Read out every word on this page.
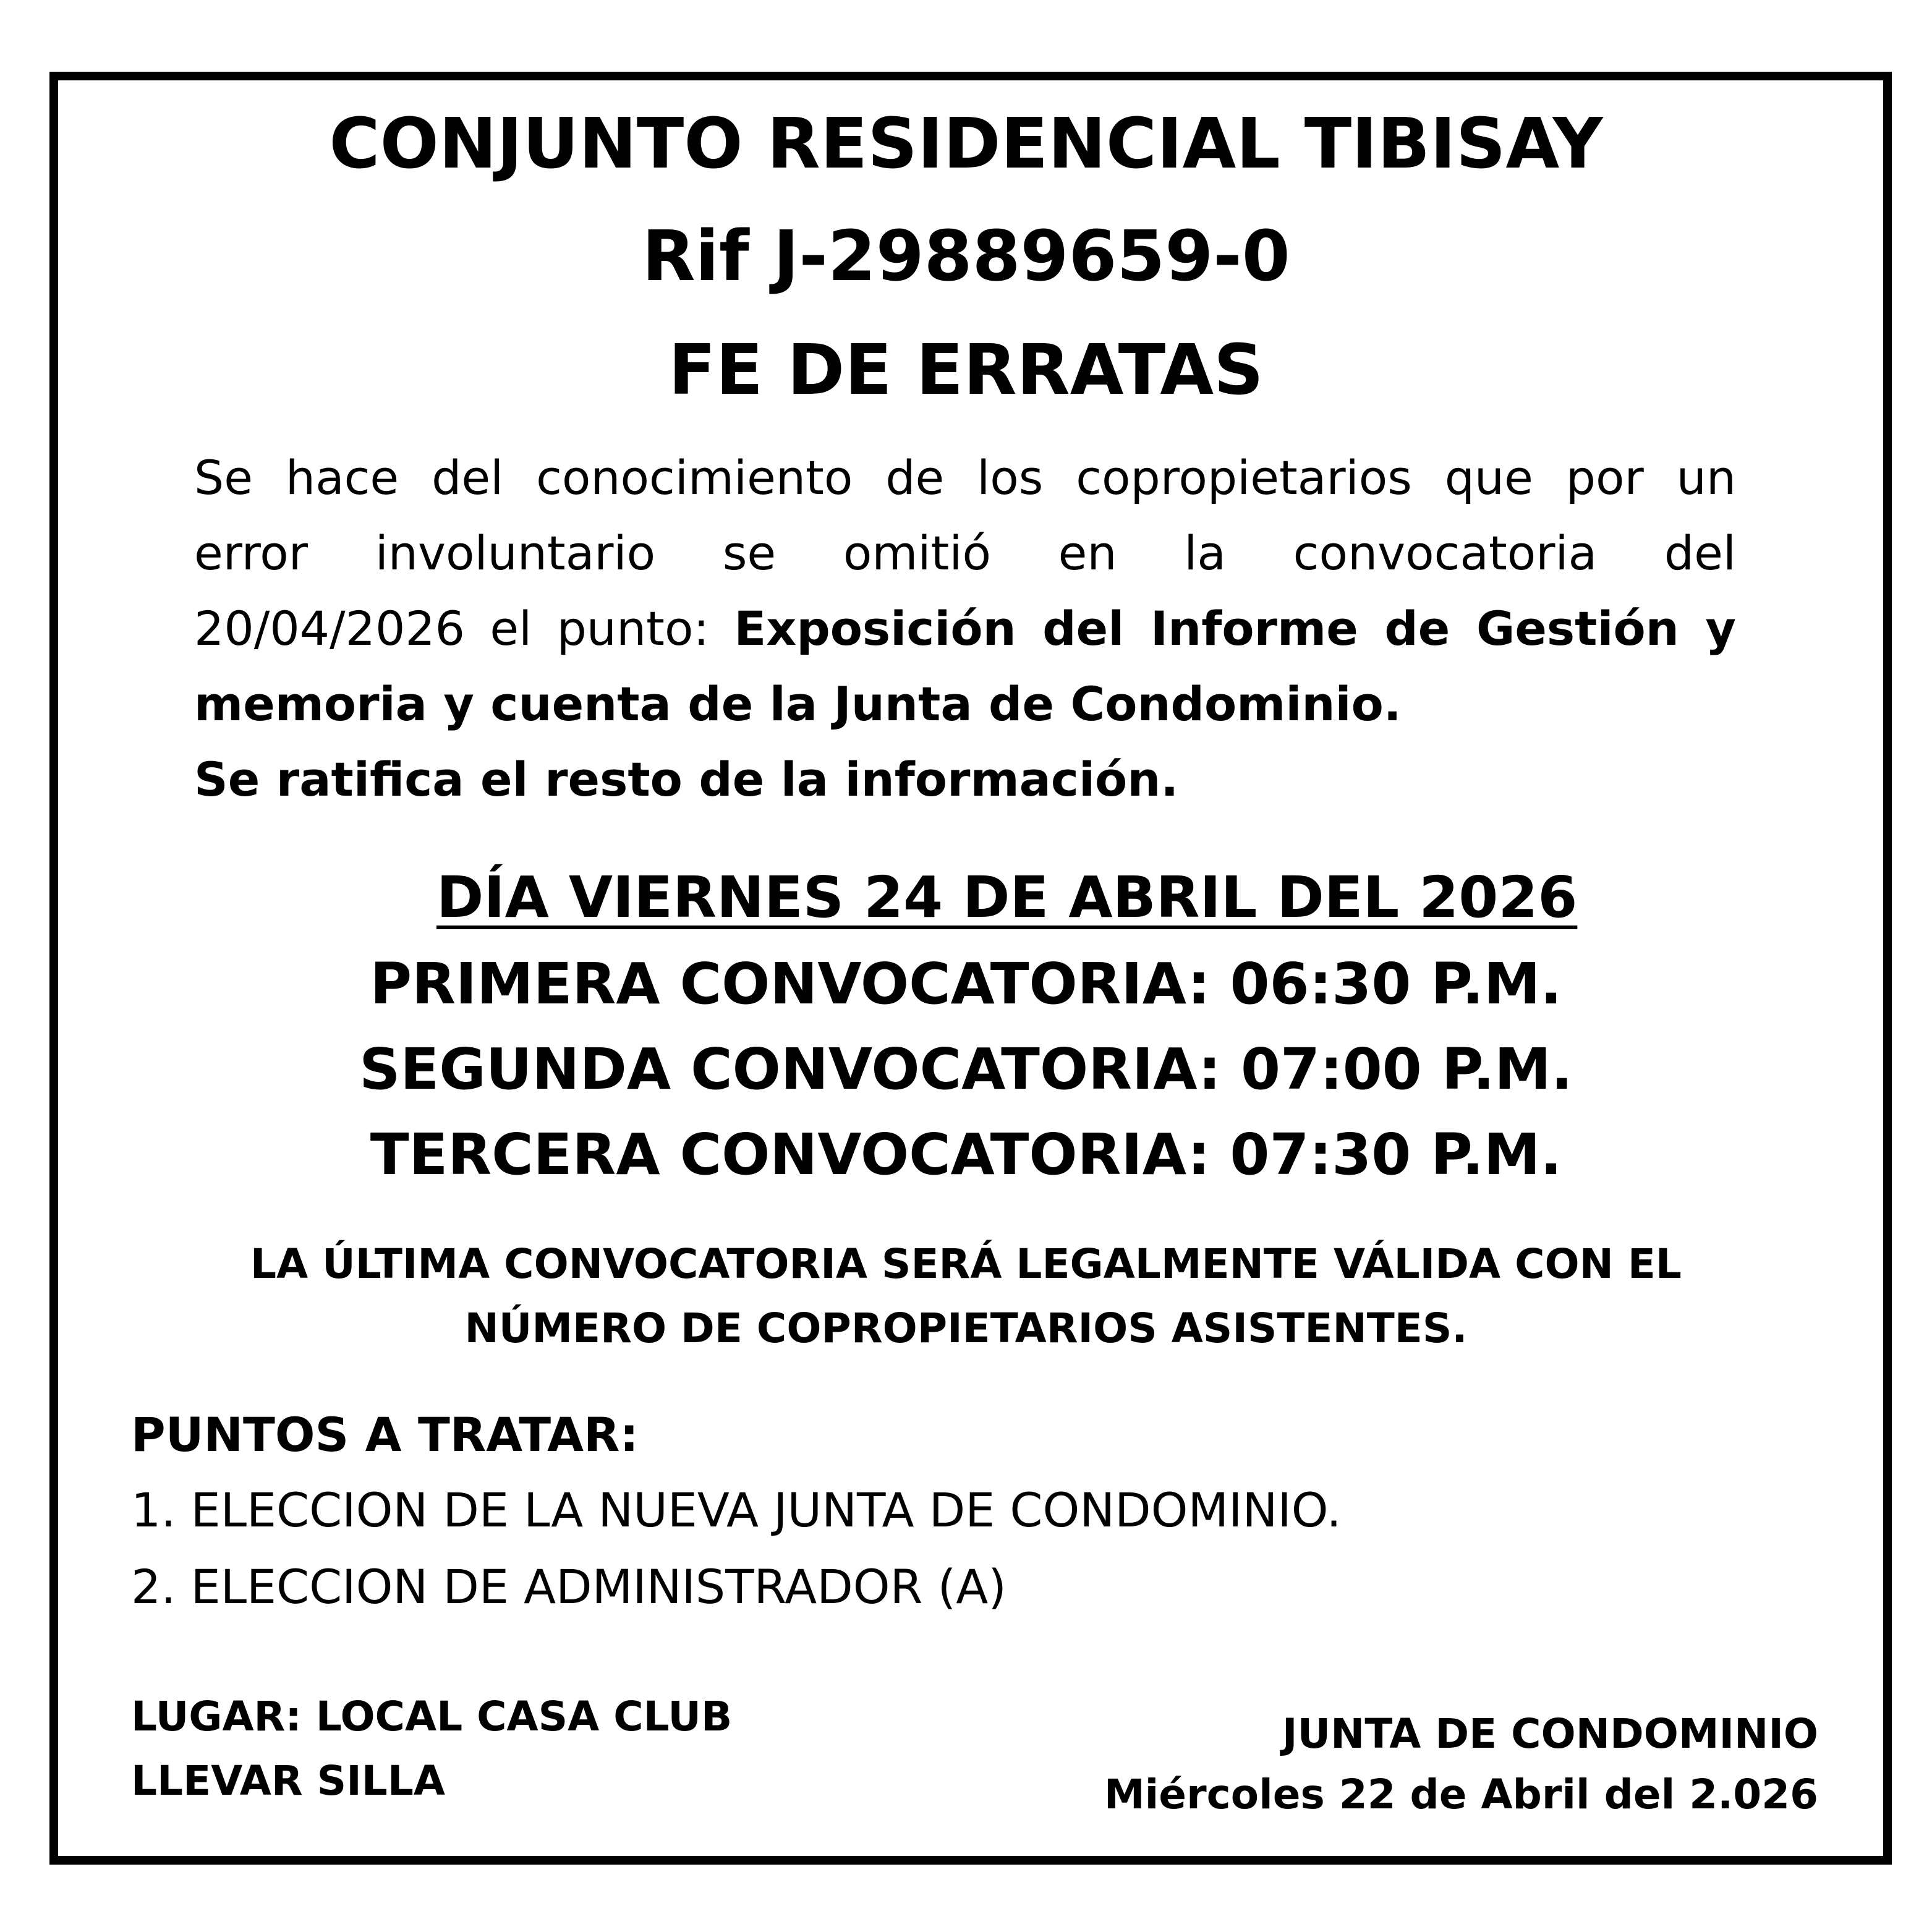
CONJUNTO RESIDENCIAL TIBISAY
Rif J-29889659-0
FE DE ERRATAS
Se hace del conocimiento de los copropietarios que por un
error involuntario se omitió en la convocatoria del
20/04/2026 el punto: Exposición del Informe de Gestión y
memoria y cuenta de la Junta de Condominio.
Se ratifica el resto de la información.
DÍA VIERNES 24 DE ABRIL DEL 2026
PRIMERA CONVOCATORIA: 06:30 P.M.
SEGUNDA CONVOCATORIA: 07:00 P.M.
TERCERA CONVOCATORIA: 07:30 P.M.
LA ÚLTIMA CONVOCATORIA SERÁ LEGALMENTE VÁLIDA CON EL
NÚMERO DE COPROPIETARIOS ASISTENTES.
PUNTOS A TRATAR:
1. ELECCION DE LA NUEVA JUNTA DE CONDOMINIO.
2. ELECCION DE ADMINISTRADOR (A)
LUGAR: LOCAL CASA CLUB
LLEVAR SILLA
JUNTA DE CONDOMINIO
Miércoles 22 de Abril del 2.026
